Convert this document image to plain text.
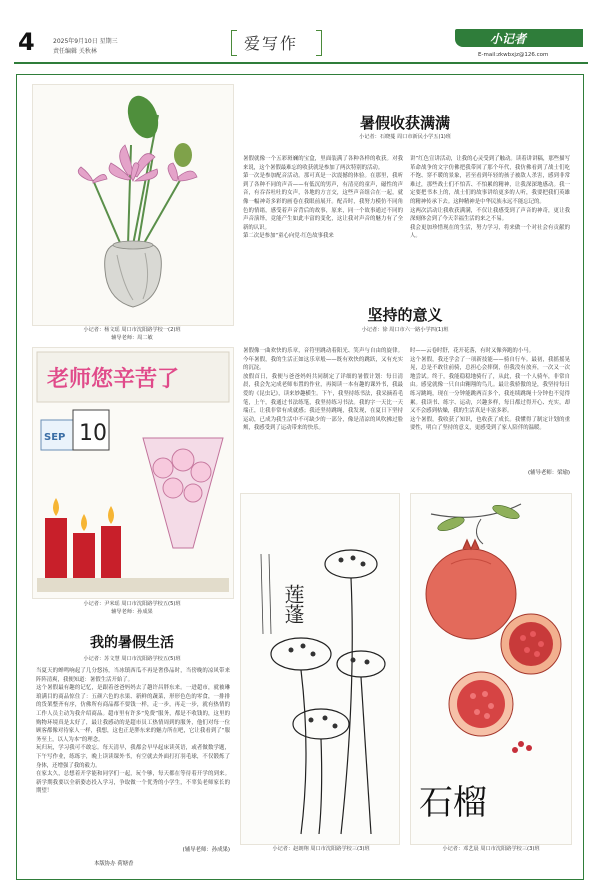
4	2025年9月10日 星期三
责任编辑 关秋林	爱写作	小记者
E-mail:zkwbxjz@126.com
小记者：杨文瑶 周口市沈阳路学校一(2)班
辅导老师：周二敏
老师您辛苦了
SEP 10
小记者：尹米瑶 周口市沈阳路学校五(5)班
辅导老师：孙成果
我的暑假生活
小记者：苏文慧 周口市沈阳路学校五(5)班
当夏天的蝉鸣响起了几分悠扬，当冰镇西瓜不再是奢侈品时，当傍晚的凉风带来阵阵清爽，我便知道：暑假生活开始了。
这个暑假最有趣的记忆，是跟着爸爸妈妈去了趟许昌胖东来。一进超市，就被琳琅满目的商品惊住了：五颜六色的水果、新鲜的蔬菜，形形色色的零食，一排排的货架整齐有序，仿佛所有商品都不要钱一样，走一步，再走一步，就有热情的工作人员主动为我介绍商品。超市里有许多“免费”服务，都是不收钱的，这里的购物环境真是太好了，最让我感动的是超市员工热情周到的服务，他们对每一位顾客都像对待家人一样，我想，这也正是胖东来的魅力所在吧，它让我看到了“服务至上，以人为本”的理念。
玩归玩，学习我可不敢忘。每天清早，我都会早早起床读英语，或者做数学题，下午写作业，练练字，晚上读读课外书，有空就去外面打打羽毛球，不仅锻炼了身体，还增强了我的毅力。
在家太久，总想着开学能和同学们一起，玩个够，每天都在等待着开学的到来。新学期我要以全新姿态投入学习，争取做一个优秀的小学生，不辜负老师家长的期望！
(辅导老师：孙成果)
本版协办 荷塘香
暑假收获满满
小记者：石晓蔓 周口市新民小学五(1)班
暑假就像一个五彩斑斓的宝盒，里面装满了各种各样的收获。对我来说，这个暑假最难忘的收获就是参加了两次特别的活动。
第一次是参加配音活动。那可真是一次震撼的体验。在那里，我听到了各种不同的声音——有低沉的男声，有清亮的童声，磁性的声音，有吞吞吐吐的女声，各地的方言交，这些声音组合在一起，就像一幅神奇多彩的画卷在我眼前展开。配音时，我努力模仿不同角色的情绪，感受着声音背后的故事，原来，同一个故事通过不同的声音演绎，竟能产生如此丰富的变化，这让我对声音的魅力有了全新的认识。
第二次是参加“童心向党·红色故事我来
讲”红色宣讲活动，让我的心灵受到了触动。读着讲讲稿，那些描写革命战争的文字仿佛把我带回了那个年代，我仿佛看到了战士们吃不饱、穿不暖的景象，甚至看到年轻的孩子被敌人杀害，感到非常难过，那些战士们不怕苦、不怕累的精神，让我深深地感动。我一定要把书本上的，战士们的故事讲给更多的人听，我要把我们英雄的精神传承下去。这种精神是中华民族永远不能忘记的。
这两次活动让我收获满满，不仅让我感受到了声音的神奇，更让我深刻体会到了今天幸福生活的来之不易。
我会更加珍惜现在的生活，努力学习，将来做一个对社会有贡献的人。
坚持的意义
小记者：徐 周口市六一路小学四(1)班
暑假像一曲欢快的乐章，音符里跳动着阳光、笑声与自由的旋律。今年暑假，我的生活正如这乐章般——既有欢快的跳跃，又有充实的沉淀。
放假首日，我便与爸爸妈妈共同制定了详细的暑假计划：每日清晨，我会先完成老师布置的作业，再阅读一本有趣的课外书，我最爱的《昆虫记》，读来妙趣横生。下午，我坚持练书法，我采摘着毛笔，上午，我通过书法练笔，我坚持练习书法。我的字一天比一天端正，让我非常有成就感；我还坚持跳绳，我发现，在夏日下坚持运动，已成为我生活中不可缺少的一部分，像是清凉的风吹拂过脸颊，我感受到了运动带来的快乐。
时——云卷时舒，花开花落，有时又像奔跑的小马。
这个暑假，我还学会了一项新技能——骑自行车。最初，我摇摇晃晃，总是不敢往前骑，总担心会摔倒，但我没有放弃，一次又一次地尝试。终于，我能稳稳地骑行了，从此，我一个人骑车，非常自由。感觉就像一只自由翱翔的鸟儿。最让我骄傲的是，我坚持每日练习跳绳，现在一分钟能跳两百多个，我连续跳绳十分钟也不觉得累。我读书、练字、运动，兴趣多样，每日都过得开心、充实，却又不会感到枯燥，我的生活真是丰富多彩。
这个暑假，我收获了知识，也收获了成长。我懂得了制定计划的重要性，明白了坚持的意义，更感受到了家人陪伴的温暖。
(辅导老师：梁瑜)
莲蓬
小记者：赵朗翔 周口市沈阳路学校三(3)班
石榴
小记者：邓艺晨 周口市沈阳路学校三(3)班
